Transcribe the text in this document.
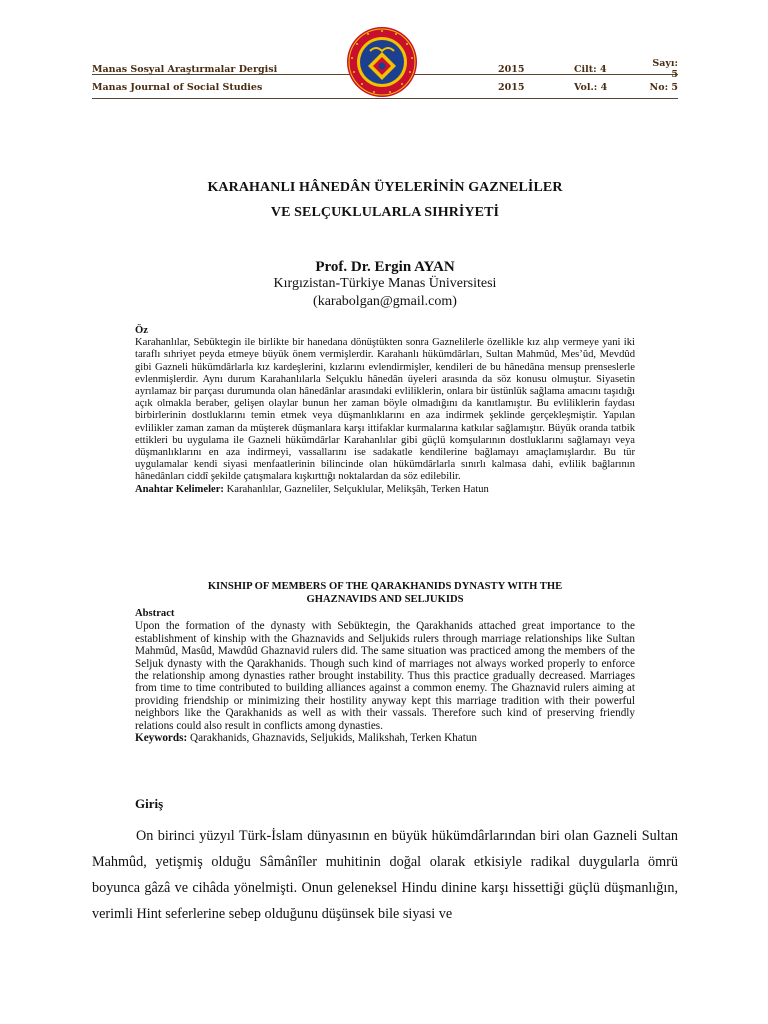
Manas Sosyal Araştırmalar Dergisi	2015	Cilt: 4	Sayı: 5
Manas Journal of Social Studies	2015	Vol.: 4	No: 5
KARAHANLI HÂNEDÂN ÜYELERİNİN GAZNELİLER
VE SELÇUKLULARLA SIHRİYETİ
Prof. Dr. Ergin AYAN
Kırgızistan-Türkiye Manas Üniversitesi
(karabolgan@gmail.com)
Öz
Karahanlılar, Sebüktegin ile birlikte bir hanedana dönüştükten sonra Gaznelilerle özellikle kız alıp vermeye yani iki taraflı sıhriyet peyda etmeye büyük önem vermişlerdir. Karahanlı hükümdârları, Sultan Mahmûd, Mes’ûd, Mevdûd gibi Gazneli hükümdârlarla kız kardeşlerini, kızlarını evlendirmişler, kendileri de bu hânedâna mensup prenseslerle evlenmişlerdir. Aynı durum Karahanlılarla Selçuklu hânedân üyeleri arasında da söz konusu olmuştur. Siyasetin ayrılamaz bir parçası durumunda olan hânedânlar arasındaki evliliklerin, onlara bir üstünlük sağlama amacını taşıdığı açık olmakla beraber, gelişen olaylar bunun her zaman böyle olmadığını da kanıtlamıştır. Bu evliliklerin faydası birbirlerinin dostluklarını temin etmek veya düşmanlıklarını en aza indirmek şeklinde gerçekleşmiştir. Yapılan evlilikler zaman zaman da müşterek düşmanlara karşı ittifaklar kurmalarına katkılar sağlamıştır. Büyük oranda tatbik ettikleri bu uygulama ile Gazneli hükümdârlar Karahanlılar gibi güçlü komşularının dostluklarını sağlamayı veya düşmanlıklarını en aza indirmeyi, vassallarını ise sadakatle kendilerine bağlamayı amaçlamışlardır. Bu tür uygulamalar kendi siyasi menfaatlerinin bilincinde olan hükümdârlarla sınırlı kalmasa dahi, evlilik bağlarının hânedânları ciddî şekilde çatışmalara kışkırttığı noktalardan da söz edilebilir.
Anahtar Kelimeler: Karahanlılar, Gazneliler, Selçuklular, Melikşâh, Terken Hatun
KINSHIP OF MEMBERS OF THE QARAKHANIDS DYNASTY WITH THE
GHAZNAVIDS AND SELJUKIDS
Abstract
Upon the formation of the dynasty with Sebüktegin, the Qarakhanids attached great importance to the establishment of kinship with the Ghaznavids and Seljukids rulers through marriage relationships like Sultan Mahmûd, Masûd, Mawdûd Ghaznavid rulers did. The same situation was practiced among the members of the Seljuk dynasty with the Qarakhanids. Though such kind of marriages not always worked properly to enforce the relationship among dynasties rather brought instability. Thus this practice gradually decreased. Marriages from time to time contributed to building alliances against a common enemy. The Ghaznavid rulers aiming at providing friendship or minimizing their hostility anyway kept this marriage tradition with their powerful neighbors like the Qarakhanids as well as with their vassals. Therefore such kind of preserving friendly relations could also result in conflicts among dynasties.
Keywords: Qarakhanids, Ghaznavids, Seljukids, Malikshah, Terken Khatun
Giriş

On birinci yüzyıl Türk-İslam dünyasının en büyük hükümdârlarından biri olan Gazneli Sultan Mahmûd, yetişmiş olduğu Sâmânîler muhitinin doğal olarak etkisiyle radikal duygularla ömrü boyunca gâzâ ve cihâda yönelmişti. Onun geleneksel Hindu dinine karşı hissettiği güçlü düşmanlığın, verimli Hint seferlerine sebep olduğunu düşünsek bile siyasi ve
